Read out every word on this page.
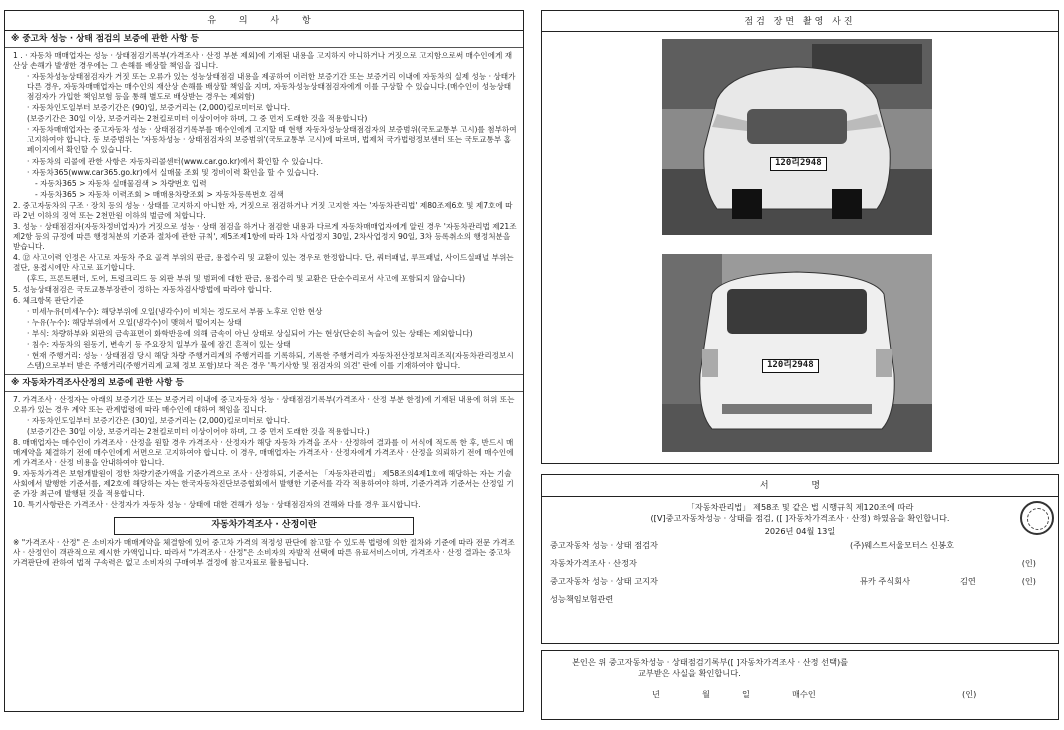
유 의 사 항
※ 중고차 성능 · 상태 점검의 보증에 관한 사항 등
1 . · 자동차 매매업자는 성능 · 상태점검기록부(가격조사 · 산정 부분 제외)에 기재된 내용을 고지하지 아니하거나 거짓으로 고지함으로써 매수인에게 재산상 손해가 발생한 경우에는 그 손해를 배상할 책임을 집니다.
· 자동차성능상태점검자가 거짓 또는 오류가 있는 성능상태점검 내용을 제공하여 이러한 보증기간 또는 보증거리 이내에 자동차의 실제 성능 · 상태가 다른 경우, 자동차매매업자는 매수인의 재산상 손해를 배상할 책임을 지며, 자동차성능상태점검자에게 이를 구상할 수 있습니다.(매수인이 성능상태점검자가 가입한 책임보험 등을 통해 별도로 배상받는 경우는 제외함)
· 자동차인도일부터 보증기간은 (90)일, 보증거리는 (2,000)킬로미터로 합니다.
(보증기간은 30일 이상, 보증거리는 2천킬로미터 이상이어야 하며, 그 중 먼저 도래한 것을 적용합니다)
· 자동차매매업자는 중고자동차 성능 · 상태점검기록부를 매수인에게 고지할 때 현행 자동차성능상태점검자의 보증범위(국토교통부 고시)를 첨부하여 고지하여야 합니다. 동 보증범위는 '자동차성능 · 상태점검자의 보증범위'(국토교통부 고시)에 따르며, 법제처 국가법령정보센터 또는 국토교통부 홈페이지에서 확인할 수 있습니다.
· 자동차의 리콜에 관한 사항은 자동차리콜센터(www.car.go.kr)에서 확인할 수 있습니다.
· 자동차365(www.car365.go.kr)에서 실매물 조회 및 정비이력 확인을 할 수 있습니다.
- 자동차365 > 자동차 실매물검색 > 차량번호 입력
- 자동차365 > 자동차 이력조회 > 매매용차량조회 > 자동차등록번호 검색
2. 중고자동차의 구조 · 장치 등의 성능 · 상태를 고지하지 아니한 자, 거짓으로 점검하거나 거짓 고지한 자는 '자동차관리법' 제80조제6호 및 제7호에 따라 2년 이하의 징역 또는 2천만원 이하의 벌금에 처합니다.
3. 성능 · 상태점검자(자동차정비업자)가 거짓으로 성능 · 상태 점검을 하거나 점검한 내용과 다르게 자동차매매업자에게 알린 경우 '자동차관리법 제21조제2항 등의 규정에 따른 행정처분의 기준과 절차에 관한 규칙', 제5조제1항에 따라 1차 사업정지 30일, 2차사업정지 90일, 3차 등록취소의 행정처분을 받습니다.
4. ⑫ 사고이력 인정은 사고로 자동차 주요 골격 부위의 판금, 용접수리 및 교환이 있는 경우로 한정합니다. 단, 쿼터패널, 루프패널, 사이드실패널 부위는 절단, 용접시에만 사고로 표기합니다.
(후드, 프론트펜더, 도어, 트렁크리드 등 외판 부위 및 범퍼에 대한 판금, 용접수리 및 교환은 단순수리로서 사고에 포함되지 않습니다)
5. 성능상태점검은 국토교통부장관이 정하는 자동차검사방법에 따라야 합니다.
6. 체크항목 판단기준
· 미세누유(미세누수): 해당부위에 오일(냉각수)이 비치는 정도로서 부품 노후로 인한 현상
· 누유(누수): 해당부위에서 오일(냉각수)이 맺혀서 떨어지는 상태
· 부식: 차량하부와 외판의 금속표면이 화학반응에 의해 금속이 아닌 상태로 상실되어 가는 현상(단순히 녹슬어 있는 상태는 제외합니다)
· 침수: 자동차의 원동기, 변속기 등 주요장치 일부가 물에 잠긴 흔적이 있는 상태
· 현재 주행거리: 성능 · 상태점검 당시 해당 차량 주행거리계의 주행거리를 기록하되, 기록한 주행거리가 자동차전산정보처리조직(자동차관리정보시스템)으로부터 받은 주행거리(주행거리계 교체 정보 포함)보다 적은 경우 '특기사항 및 점검자의 의견' 란에 이를 기재하여야 합니다.
※ 자동차가격조사산정의 보증에 관한 사항 등
7. 가격조사 · 산정자는 아래의 보증기간 또는 보증거리 이내에 중고자동차 성능 · 상태점검기록부(가격조사 · 산정 부분 한정)에 기재된 내용에 허위 또는 오류가 있는 경우 계약 또는 관계법령에 따라 매수인에 대하여 책임을 집니다.
· 자동차인도일부터 보증기간은 (30)일, 보증거리는 (2,000)킬로미터로 합니다.
(보증기간은 30일 이상, 보증거리는 2천킬로미터 이상이어야 하며, 그 중 먼저 도래한 것을 적용합니다.)
8. 매매업자는 매수인이 가격조사 · 산정을 원할 경우 가격조사 · 산정자가 해당 자동차 가격을 조사 · 산정하여 결과를 이 서식에 적도록 한 후, 반드시 매매계약을 체결하기 전에 매수인에게 서면으로 고지하여야 합니다. 이 경우, 매매업자는 가격조사 · 산정자에게 가격조사 · 산정을 의뢰하기 전에 매수인에게 가격조사 · 산정 비용을 안내하여야 합니다.
9. 자동차가격은 보험개발원이 정한 차량기준가액을 기준가격으로 조사 · 산정하되, 기준서는 「자동차관리법」 제58조의4제1호에 해당하는 자는 기술사회에서 발행한 기준서를, 제2호에 해당하는 자는 한국자동차진단보증협회에서 발행한 기준서를 각각 적용하여야 하며, 기준가격과 기준서는 산정일 기준 가장 최근에 발행된 것을 적용합니다.
10. 특기사항란은 가격조사 · 산정자가 자동차 성능 · 상태에 대한 견해가 성능 · 상태점검자의 견해와 다를 경우 표시합니다.
자동차가격조사 · 산정이란
※ "가격조사 · 산정" 은 소비자가 매매계약을 체결함에 있어 중고차 가격의 적정성 판단에 참고할 수 있도록 법령에 의한 절차와 기준에 따라 전문 가격조사 · 산정인이 객관적으로 제시한 가액입니다. 따라서 "가격조사 · 산정"은 소비자의 자발적 선택에 따른 유료서비스이며, 가격조사 · 산정 결과는 중고차 가격판단에 관하여 법적 구속력은 없고 소비자의 구매여부 결정에 참고자료로 활용됩니다.
점검 장면 촬영 사진
120리2948
120리2948
서 명
「자동차관리법」 제58조 및 같은 법 시행규칙 제120조에 따라
([V]중고자동차성능 · 상태를 점검, ([ ]자동차가격조사 · 산정) 하였음을 확인합니다.
2026년 04월 13일
중고자동차 성능 · 상태 점검자	(주)웨스트서울모터스 신봉호
자동차가격조사 · 산정자	(인)
중고자동차 성능 · 상태 고지자	뮤카 주식회사	김연	(인)
성능책임보험관련
본인은 위 중고자동차성능 · 상태점검기록부([ ]자동차가격조사 · 산정 선택)를
교부받은 사실을 확인합니다.
년	월	일	매수인	(인)
